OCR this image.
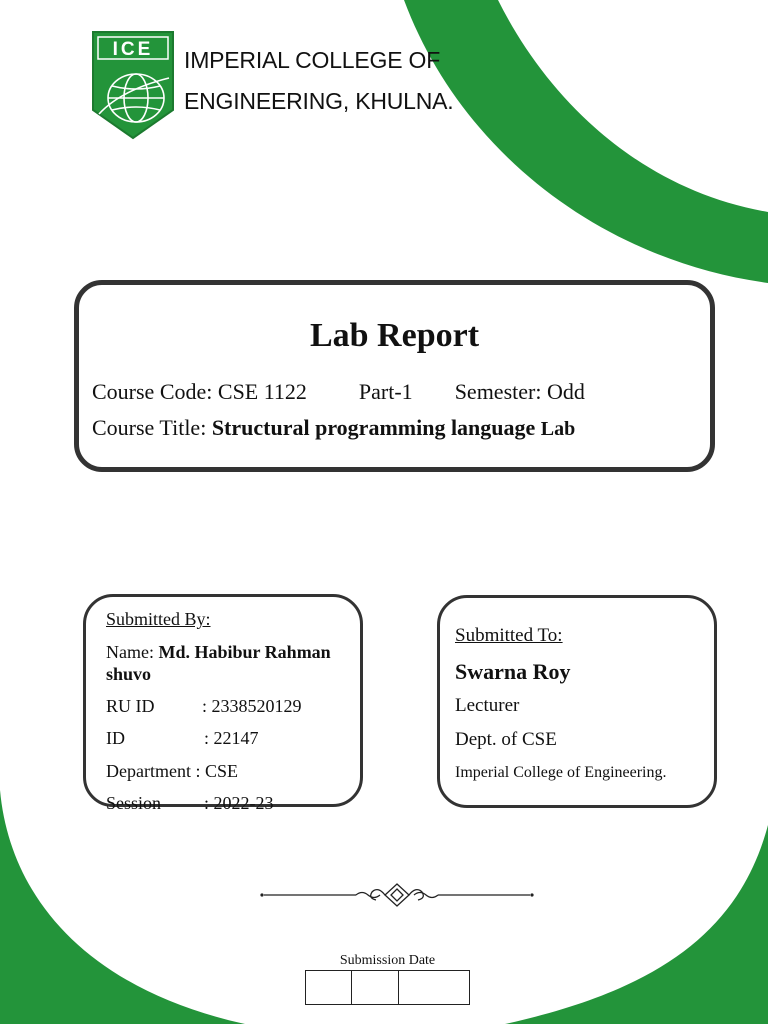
ICE IMPERIAL COLLEGE OF
ENGINEERING, KHULNA.
Lab Report
Course Code: CSE 1122 Part-1 Semester: Odd
Course Title: Structural programming language Lab
Submitted By:
Name: Md. Habibur Rahman shuvo
RU ID	: 2338520129
ID	: 22147
Department : CSE
Session : 2022-23
Submitted To:
Swarna Roy
Lecturer
Dept. of CSE
Imperial College of Engineering.
Submission Date
